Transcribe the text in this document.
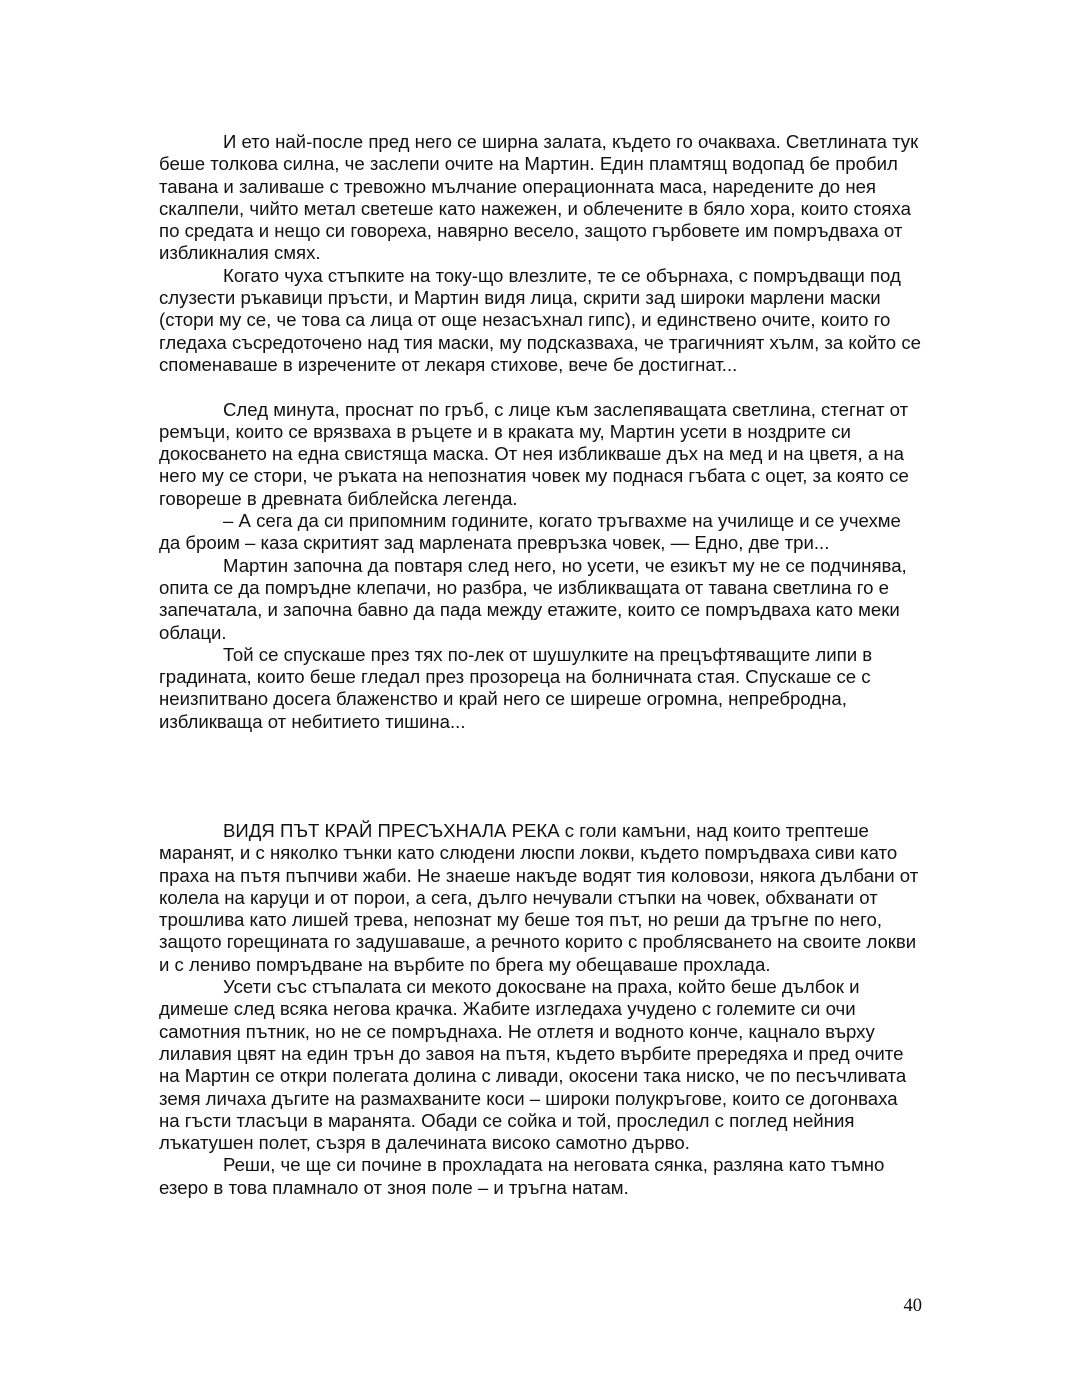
И ето най-после пред него се ширна залата, където го очакваха. Светлината тук беше толкова силна, че заслепи очите на Мартин. Един пламтящ водопад бе пробил тавана и заливаше с тревожно мълчание операционната маса, наредените до нея скалпели, чийто метал светеше като нажежен, и облечените в бяло хора, които стояха по средата и нещо си говореха, навярно весело, защото гърбовете им помръдваха от избликналия смях.

Когато чуха стъпките на току-що влезлите, те се обърнаха, с помръдващи под слузести ръкавици пръсти, и Мартин видя лица, скрити зад широки марлени маски (стори му се, че това са лица от още незасъхнал гипс), и единствено очите, които го гледаха съсредоточено над тия маски, му подсказваха, че трагичният хълм, за който се споменаваше в изречените от лекаря стихове, вече бе достигнат...

След минута, проснат по гръб, с лице към заслепяващата светлина, стегнат от ремъци, които се врязваха в ръцете и в краката му, Мартин усети в ноздрите си докосването на една свистяща маска. От нея избликваше дъх на мед и на цветя, а на него му се стори, че ръката на непознатия човек му поднася гъбата с оцет, за която се говореше в древната библейска легенда.

– А сега да си припомним годините, когато тръгвахме на училище и се учехме да броим – каза скритият зад марлената превръзка човек, — Едно, две три...

Мартин започна да повтаря след него, но усети, че езикът му не се подчинява, опита се да помръдне клепачи, но разбра, че избликващата от тавана светлина го е запечатала, и започна бавно да пада между етажите, които се помръдваха като меки облаци.

Той се спускаше през тях по-лек от шушулките на прецъфтяващите липи в градината, които беше гледал през прозореца на болничната стая. Спускаше се с неизпитвано досега блаженство и край него се ширеше огромна, непребродна, избликваща от небитието тишина...

ВИДЯ ПЪТ КРАЙ ПРЕСЪХНАЛА РЕКА с голи камъни, над които трептеше маранят, и с няколко тънки като слюдени люспи локви, където помръдваха сиви като праха на пътя пъпчиви жаби. Не знаеше накъде водят тия коловози, някога дълбани от колела на каруци и от порои, а сега, дълго нечували стъпки на човек, обхванати от трошлива като лишей трева, непознат му беше тоя път, но реши да тръгне по него, защото горещината го задушаваше, а речното корито с проблясването на своите локви и с лениво помръдване на върбите по брега му обещаваше прохлада.

Усети със стъпалата си мекото докосване на праха, който беше дълбок и димеше след всяка негова крачка. Жабите изгледаха учудено с големите си очи самотния пътник, но не се помръднаха. Не отлетя и водното конче, кацнало върху лилавия цвят на един трън до завоя на пътя, където върбите прередяха и пред очите на Мартин се откри полегата долина с ливади, окосени така ниско, че по песъчливата земя личаха дъгите на размахваните коси – широки полукръгове, които се догонваха на гъсти тласъци в маранята. Обади се сойка и той, проследил с поглед нейния лъкатушен полет, съзря в далечината високо самотно дърво.

Реши, че ще си почине в прохладата на неговата сянка, разляна като тъмно езеро в това пламнало от зноя поле – и тръгна натам.

40
